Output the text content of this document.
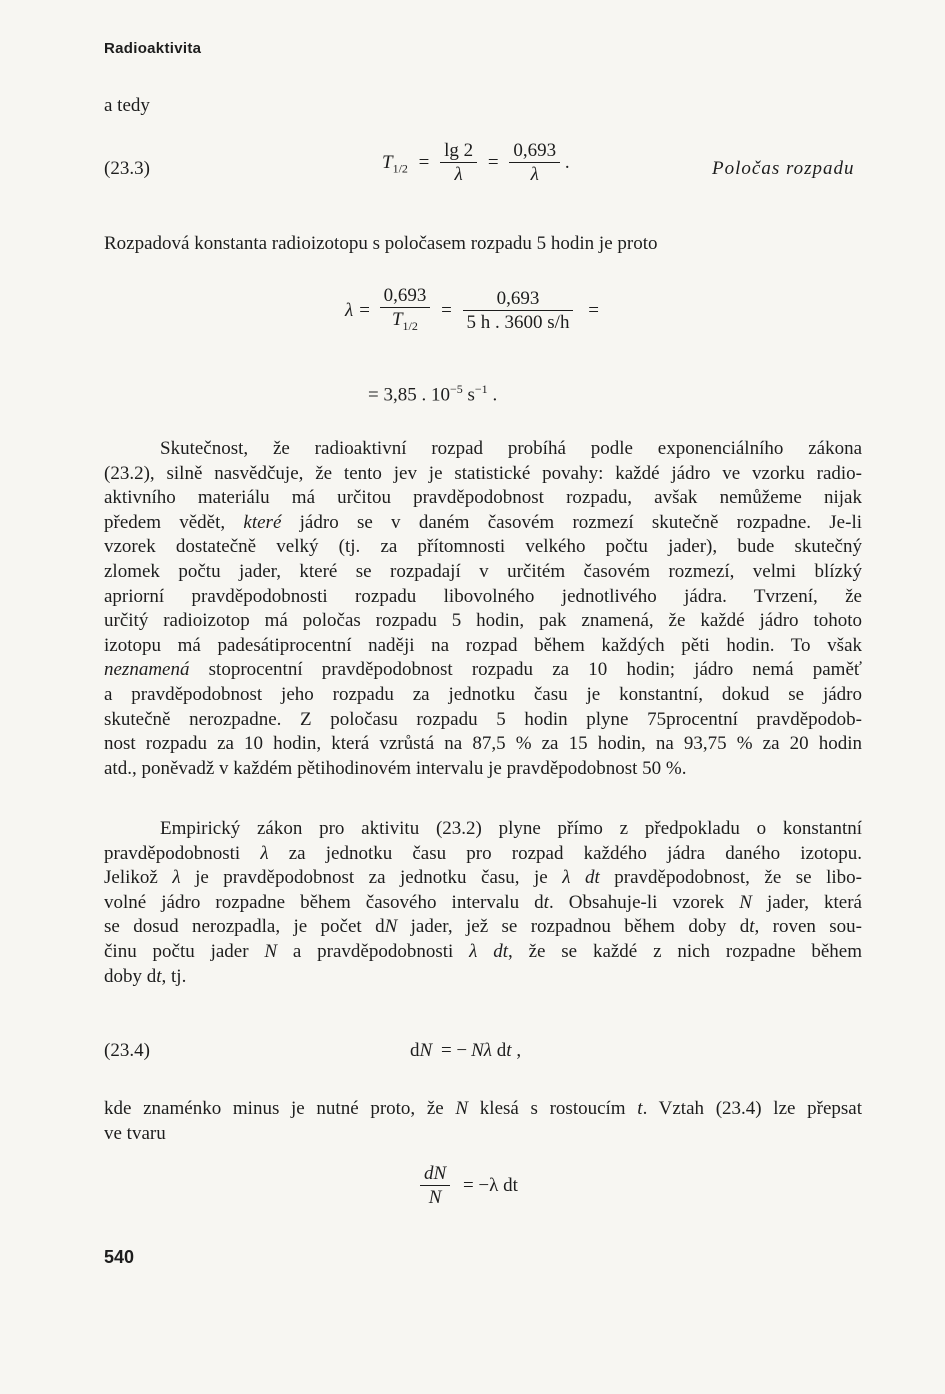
Radioaktivita
a tedy
(23.3)	$T_{1/2} = \frac{\lg 2}{\lambda} = \frac{0,693}{\lambda}$ .	Poločas rozpadu
Rozpadová konstanta radioizotopu s poločasem rozpadu 5 hodin je proto
$\lambda = \frac{0,693}{T_{1/2}} = \frac{0,693}{5 h . 3600 s/h}$ =
= 3,85 . $10^{-5}$ $s^{-1}$ .
Skutečnost, že radioaktivní rozpad probíhá podle exponenciálního zákona
(23.2), silně nasvědčuje, že tento jev je statistické povahy: každé jádro ve vzorku radio-
aktivního materiálu má určitou pravděpodobnost rozpadu, avšak nemůžeme nijak
předem vědět, které jádro se v daném časovém rozmezí skutečně rozpadne. Je-li
vzorek dostatečně velký (tj. za přítomnosti velkého počtu jader), bude skutečný
zlomek počtu jader, které se rozpadají v určitém časovém rozmezí, velmi blízký
apriorní pravděpodobnosti rozpadu libovolného jednotlivého jádra. Tvrzení, že
určitý radioizotop má poločas rozpadu 5 hodin, pak znamená, že každé jádro tohoto
izotopu má padesátiprocentní naději na rozpad během každých pěti hodin. To však
neznamená stoprocentní pravděpodobnost rozpadu za 10 hodin; jádro nemá paměť
a pravděpodobnost jeho rozpadu za jednotku času je konstantní, dokud se jádro
skutečně nerozpadne. Z poločasu rozpadu 5 hodin plyne 75procentní pravděpodob-
nost rozpadu za 10 hodin, která vzrůstá na 87,5 % za 15 hodin, na 93,75 % za 20 hodin
atd., poněvadž v každém pětihodinovém intervalu je pravděpodobnost 50 %.
Empirický zákon pro aktivitu (23.2) plyne přímo z předpokladu o konstantní
pravděpodobnosti λ za jednotku času pro rozpad každého jádra daného izotopu.
Jelikož λ je pravděpodobnost za jednotku času, je λ dt pravděpodobnost, že se libo-
volné jádro rozpadne během časového intervalu dt. Obsahuje-li vzorek N jader, která
se dosud nerozpadla, je počet dN jader, jež se rozpadnou během doby dt, roven sou-
činu počtu jader N a pravděpodobnosti λ dt, že se každé z nich rozpadne během
doby dt, tj.
(23.4)	dN = − Nλ dt ,
kde znaménko minus je nutné proto, že N klesá s rostoucím t. Vztah (23.4) lze přepsat
ve tvaru
$\frac{dN}{N} = -\lambda$ dt
540
